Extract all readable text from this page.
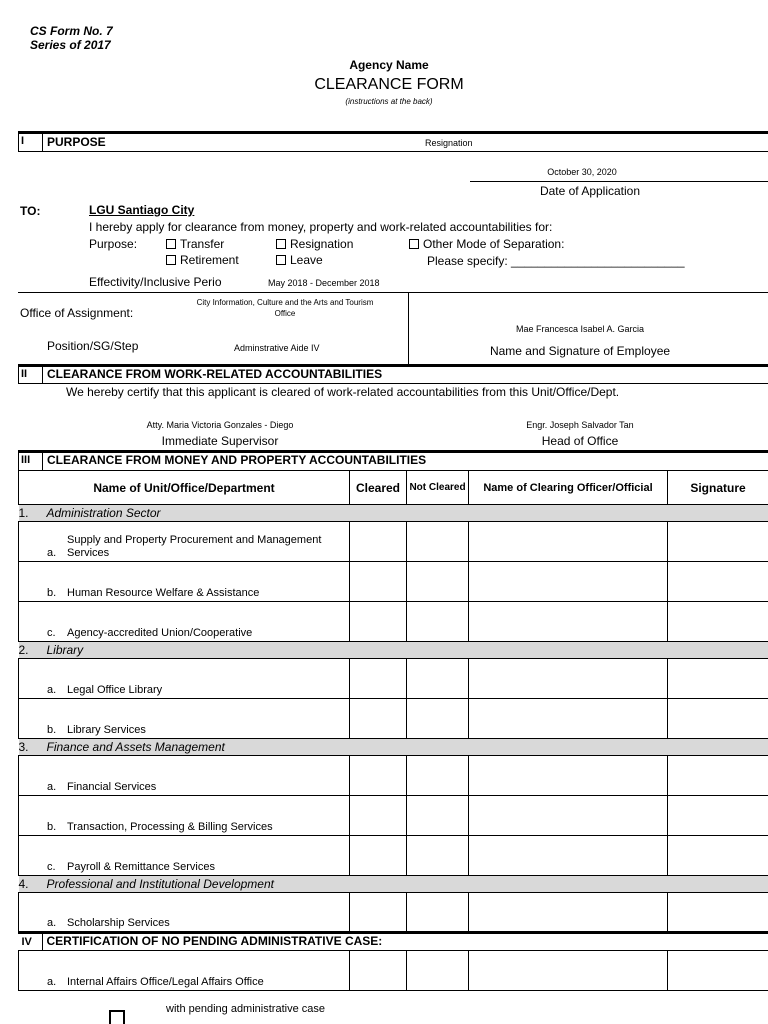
CS Form No. 7
Series of 2017
Agency Name
CLEARANCE FORM
(instructions at the back)
I PURPOSE	Resignation
October 30, 2020
Date of Application
TO:	LGU Santiago City
I hereby apply for clearance from money, property and work-related accountabilities for:
Purpose:	Transfer	Resignation	Other Mode of Separation:
Retirement	Leave	Please specify: __________________________
Effectivity/Inclusive Perio	May 2018 - December 2018
City Information, Culture and the Arts and Tourism
Office
Office of Assignment:
Mae Francesca Isabel A. Garcia
Position/SG/Step	Adminstrative Aide IV	Name and Signature of Employee
II CLEARANCE FROM WORK-RELATED ACCOUNTABILITIES
We hereby certify that this applicant is cleared of work-related accountabilities from this Unit/Office/Dept.
Atty. Maria Victoria Gonzales - Diego
Immediate Supervisor
Engr. Joseph Salvador Tan
Head of Office
III CLEARANCE FROM MONEY AND PROPERTY ACCOUNTABILITIES
Name of Unit/Office/Department	Cleared	Not Cleared	Name of Clearing Officer/Official	Signature
1. Administration Sector				

a.
Supply and Property Procurement and Management Services				

b. Human Resource Welfare & Assistance				

c. Agency-accredited Union/Cooperative				

2. Library				

a. Legal Office Library				

b. Library Services				

3. Finance and Assets Management				

a. Financial Services				

b. Transaction, Processing & Billing Services				

c. Payroll & Remittance Services				

4. Professional and Institutional Development				

a. Scholarship Services				

IV CERTIFICATION OF NO PENDING ADMINISTRATIVE CASE:				

a. Internal Affairs Office/Legal Affairs Office				

with pending administrative case
